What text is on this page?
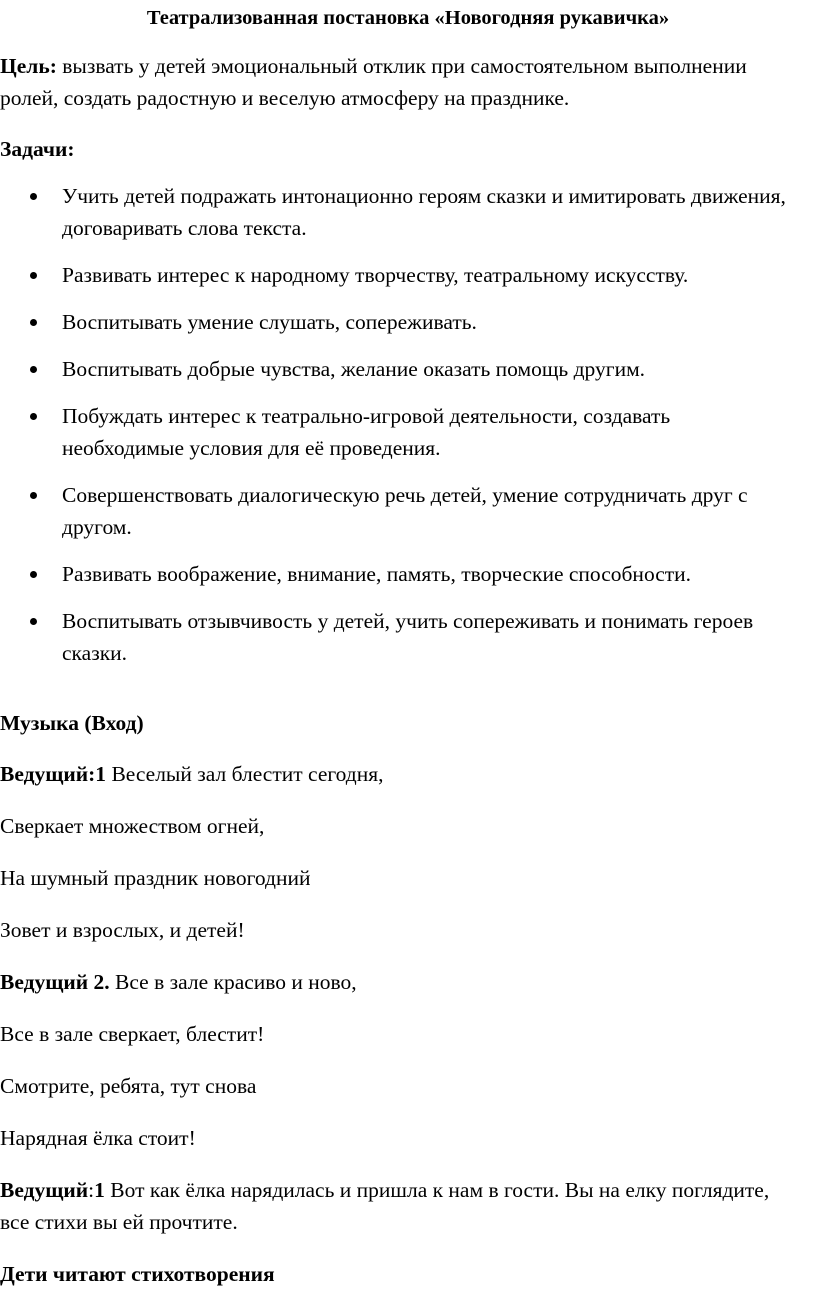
Театрализованная постановка «Новогодняя рукавичка»

Цель: вызвать у детей эмоциональный отклик при самостоятельном выполнении ролей, создать радостную и веселую атмосферу на празднике.

Задачи:

Учить детей подражать интонационно героям сказки и имитировать движения, договаривать слова текста.
Развивать интерес к народному творчеству, театральному искусству.
Воспитывать умение слушать, сопереживать.
Воспитывать добрые чувства, желание оказать помощь другим.
Побуждать интерес к театрально-игровой деятельности, создавать необходимые условия для её проведения.
Совершенствовать диалогическую речь детей, умение сотрудничать друг с другом.
Развивать воображение, внимание, память, творческие способности.
Воспитывать отзывчивость у детей, учить сопереживать и понимать героев сказки.

Музыка (Вход)

Ведущий:1 Веселый зал блестит сегодня,

Сверкает множеством огней,

На шумный праздник новогодний

Зовет и взрослых, и детей!

Ведущий 2. Все в зале красиво и ново,

Все в зале сверкает, блестит!

Смотрите, ребята, тут снова

Нарядная ёлка стоит!

Ведущий:1 Вот как ёлка нарядилась и пришла к нам в гости. Вы на елку поглядите, все стихи вы ей прочтите.

Дети читают стихотворения
